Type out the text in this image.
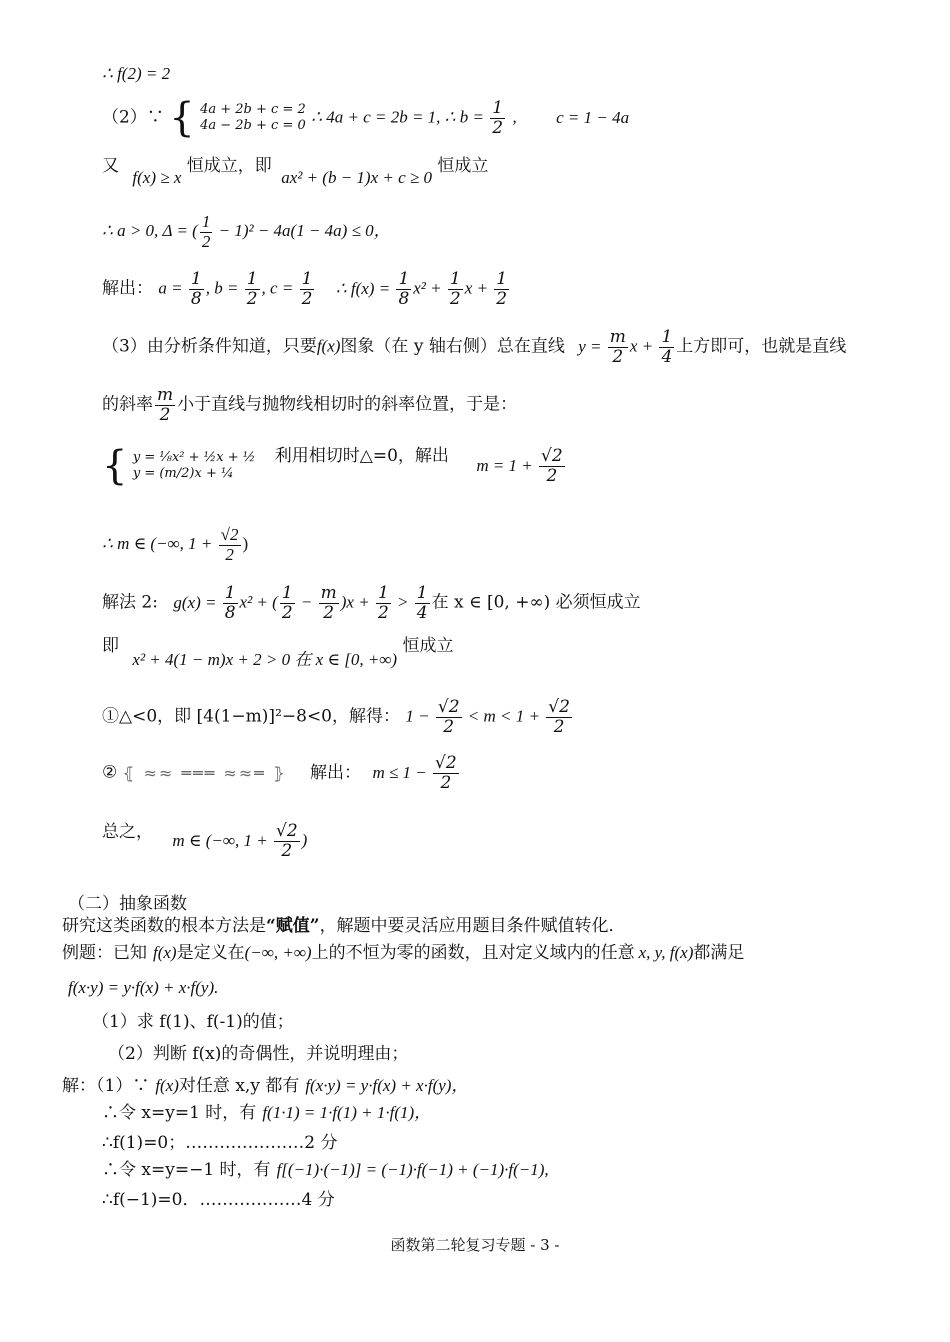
∴ f(2) = 2
（2）∵ { 4a + 2b + c = 2
4a − 2b + c = 0 ∴ 4a + c = 2b = 1, ∴ $b = \frac{1}{2}$ , c = 1 − 4a
又 f(x) ≥ x 恒成立，即 ax² + (b − 1)x + c ≥ 0 恒成立
∴ a > 0, Δ = ( $\frac{1}{2} - 1)^2 - 4a(1 - 4a) \le 0$，
解出： $a = \frac{1}{8}$ , $b = \frac{1}{2}$ , $c = \frac{1}{2}$ ∴ $f(x) = \frac{1}{8} x^2 + \frac{1}{2}$ $x + \frac{1}{2}$
（3）由分析条件知道，只要f(x)图象（在 y 轴右侧）总在直线 $y = \frac{m}{2}$ $x + \frac{1}{4}$ 上方即可，也就是直线
的斜率 $\frac{m}{2}$ 小于直线与抛物线相切时的斜率位置，于是：
{ y = ⅛x² + ½x + ½
y = (m/2)x + ¼
利用相切时△=0，解出 $m = 1 + \frac{√2}{2}$
∴ m ∈ (−∞, $1 + \frac{√2}{2}$ )
解法 2: $g(x) = \frac{1}{8} x^2$ + ( $\frac{1}{2} - \frac{m}{2} )x + \frac{1}{2} > \frac{1}{4}$ 在 x ∈ [0, +∞) 必须恒成立
即 x² + 4(1 − m)x + 2 > 0 在 x ∈ [0, +∞) 恒成立
①△<0，即 [4(1−m)]²−8<0，解得： $1 - \frac{√2}{2} < m < 1 + \frac{√2}{2}$
② ⦃ ≈≈ ═══ ≈≈═ ⦄ 解出： $m \le 1 - \frac{√2}{2}$
总之， m ∈ (−∞, $1 + \frac{√2}{2}$ )
（二）抽象函数
研究这类函数的根本方法是“赋值”，解题中要灵活应用题目条件赋值转化．
例题：已知 f(x)是定义在(−∞, +∞)上的不恒为零的函数，且对定义域内的任意 x, y, f(x)都满足
f(x·y) = y·f(x) + x·f(y).
（1）求 f(1)、f(-1)的值；
（2）判断 f(x)的奇偶性，并说明理由；
解：（1）∵ f(x)对任意 x,y 都有 f(x·y) = y·f(x) + x·f(y)，
∴令 x=y=1 时，有 f(1·1) = 1·f(1) + 1·f(1)，
∴f(1)=0；…………………2 分
∴令 x=y=−1 时，有 f[(−1)·(−1)] = (−1)·f(−1) + (−1)·f(−1),
∴f(−1)=0．………………4 分
函数第二轮复习专题 - 3 -
